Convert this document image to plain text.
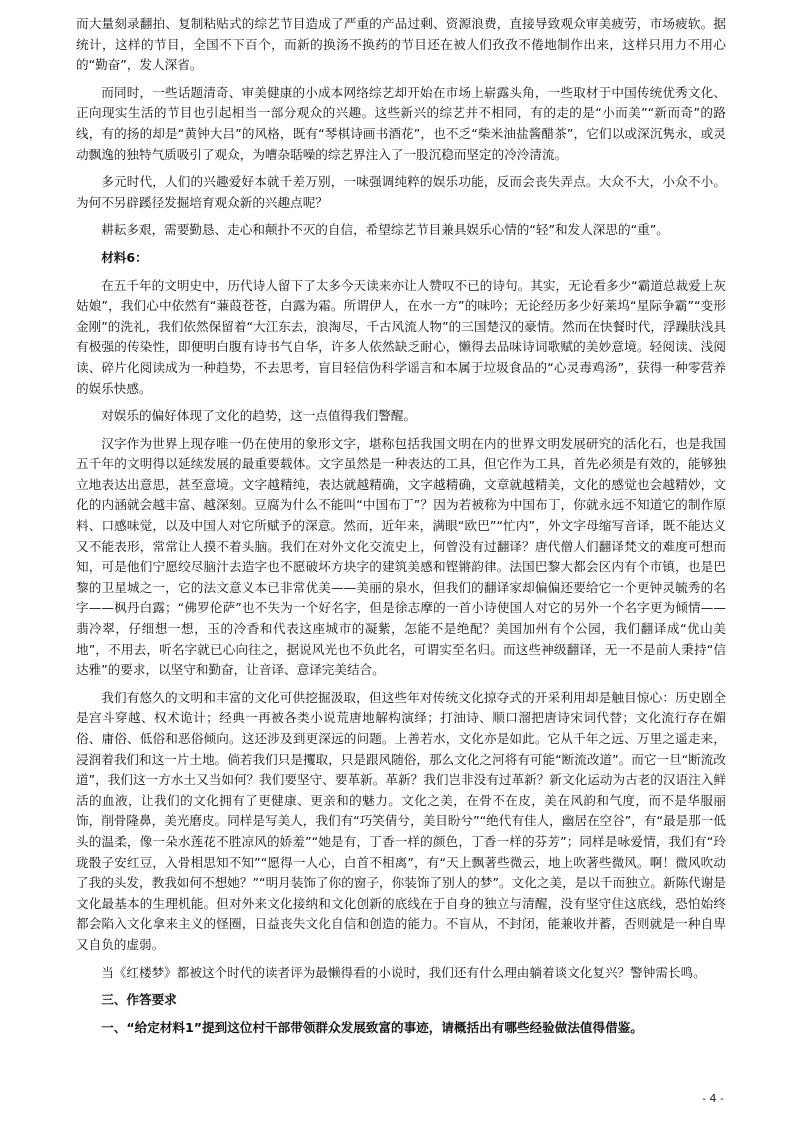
而大量刻录翻拍、复制粘贴式的综艺节目造成了严重的产品过剩、资源浪费，直接导致观众审美疲劳，市场疲软。据统计，这样的节目，全国不下百个，而新的换汤不换药的节目还在被人们孜孜不倦地制作出来，这样只用力不用心的“勤奋”，发人深省。

而同时，一些话题清奇、审美健康的小成本网络综艺却开始在市场上崭露头角，一些取材于中国传统优秀文化、正向现实生活的节目也引起相当一部分观众的兴趣。这些新兴的综艺并不相同，有的走的是“小而美”“新而奇”的路线，有的扬的却是“黄钟大吕”的风格，既有“琴棋诗画书酒花”，也不乏“柴米油盐酱醋茶”，它们以或深沉隽永，或灵动飘逸的独特气质吸引了观众，为嘈杂聒噪的综艺界注入了一股沉稳而坚定的冷泠清流。

多元时代，人们的兴趣爱好本就千差万别，一味强调纯粹的娱乐功能，反而会丧失弄点。大众不大，小众不小。为何不另辟蹊径发掘培育观众新的兴趣点呢？

耕耘多艰，需要勤恳、走心和颠扑不灭的自信，希望综艺节目兼具娱乐心情的“轻”和发人深思的“重”。

材料6：

在五千年的文明史中，历代诗人留下了太多今天读来亦让人赞叹不已的诗句。其实，无论看多少“霸道总裁爱上灰姑娘”，我们心中依然有“蒹葭苍苍，白露为霜。所谓伊人，在水一方”的味吟；无论经历多少好莱坞“星际争霸”“变形金刚”的洗礼，我们依然保留着“大江东去，浪淘尽，千古风流人物”的三国楚汉的豪情。然而在快餐时代，浮躁肤浅具有极强的传染性，即便明白腹有诗书气自华，许多人依然缺乏耐心，懒得去品味诗词歌赋的美妙意境。轻阅读、浅阅读、碎片化阅读成为一种趋势，不去思考，盲目轻信伪科学谣言和本属于垃圾食品的“心灵毒鸡汤”，获得一种零营养的娱乐快感。

对娱乐的偏好体现了文化的趋势，这一点值得我们警醒。

汉字作为世界上现存唯一仍在使用的象形文字，堪称包括我国文明在内的世界文明发展研究的活化石，也是我国五千年的文明得以延续发展的最重要载体。文字虽然是一种表达的工具，但它作为工具，首先必须是有效的，能够独立地表达出意思，甚至意境。文字越精纯，表达就越精确，文字越精确，文章就越精美，文化的感觉也会越精妙，文化的内涵就会越丰富、越深刻。豆腐为什么不能叫“中国布丁”？因为若被称为中国布丁，你就永远不知道它的制作原料、口感味觉，以及中国人对它所赋予的深意。然而，近年来，满眼“欧巴”“忙内”，外文字母缩写音译，既不能达义又不能表形，常常让人摸不着头脑。我们在对外文化交流史上，何曾没有过翻译？唐代僧人们翻译梵文的难度可想而知，可是他们宁愿绞尽脑汁去造字也不愿破坏方块字的建筑美感和铿锵韵律。法国巴黎大都会区内有个市镇，也是巴黎的卫星城之一，它的法文意义本已非常优美——美丽的泉水，但我们的翻译家却偏偏还要给它一个更钟灵毓秀的名字——枫丹白露；“佛罗伦萨”也不失为一个好名字，但是徐志摩的一首小诗使国人对它的另外一个名字更为倾情——翡冷翠，仔细想一想，玉的冷香和代表这座城市的凝紫，怎能不是绝配？美国加州有个公园，我们翻译成“优山美地”，不用去，听名字就已心向往之，据说风光也不负此名，可谓实至名归。而这些神级翻译，无一不是前人秉持“信达雅”的要求，以坚守和勤奋，让音译、意译完美结合。

我们有悠久的文明和丰富的文化可供挖掘汲取，但这些年对传统文化掠夺式的开采利用却是触目惊心：历史剧全是宫斗穿越、权术诡计；经典一再被各类小说荒唐地解构演绎；打油诗、顺口溜把唐诗宋词代替；文化流行存在媚俗、庸俗、低俗和恶俗倾向。这还涉及到更深远的问题。上善若水，文化亦是如此。它从千年之远、万里之遥走来，浸润着我们和这一片土地。倘若我们只是攫取，只是跟风随俗，那么文化之河将有可能“断流改道”。而它一旦“断流改道”，我们这一方水土又当如何？我们要坚守、要革新。革新？我们岂非没有过革新？新文化运动为古老的汉语注入鲜活的血液，让我们的文化拥有了更健康、更亲和的魅力。文化之美，在骨不在皮，美在风韵和气度，而不是华服丽饰，削骨隆鼻，美光磨皮。同样是写美人，我们有“巧笑倩兮，美目盼兮”“绝代有佳人，幽居在空谷”，有“最是那一低头的温柔，像一朵水莲花不胜凉风的娇羞”“她是有，丁香一样的颜色，丁香一样的芬芳”；同样是咏爱情，我们有“玲珑骰子安红豆，入骨相思知不知”“愿得一人心，白首不相离”，有“天上飘著些微云，地上吹著些微风。啊！微风吹动了我的头发，教我如何不想她？”“明月装饰了你的窗子，你装饰了别人的梦”。文化之美，是以千而独立。新陈代谢是文化最基本的生理机能。但对外来文化接纳和文化创新的底线在于自身的独立与清醒，没有坚守住这底线，恐怕始终都会陷入文化拿来主义的怪圈，日益丧失文化自信和创造的能力。不盲从，不封闭，能兼收并蓄，否则就是一种自卑又自负的虚弱。

当《红楼梦》都被这个时代的读者评为最懒得看的小说时，我们还有什么理由躺着谈文化复兴？警钟需长鸣。

三、作答要求

一、“给定材料1”提到这位村干部带领群众发展致富的事迹，请概括出有哪些经验做法值得借鉴。

- 4 -
